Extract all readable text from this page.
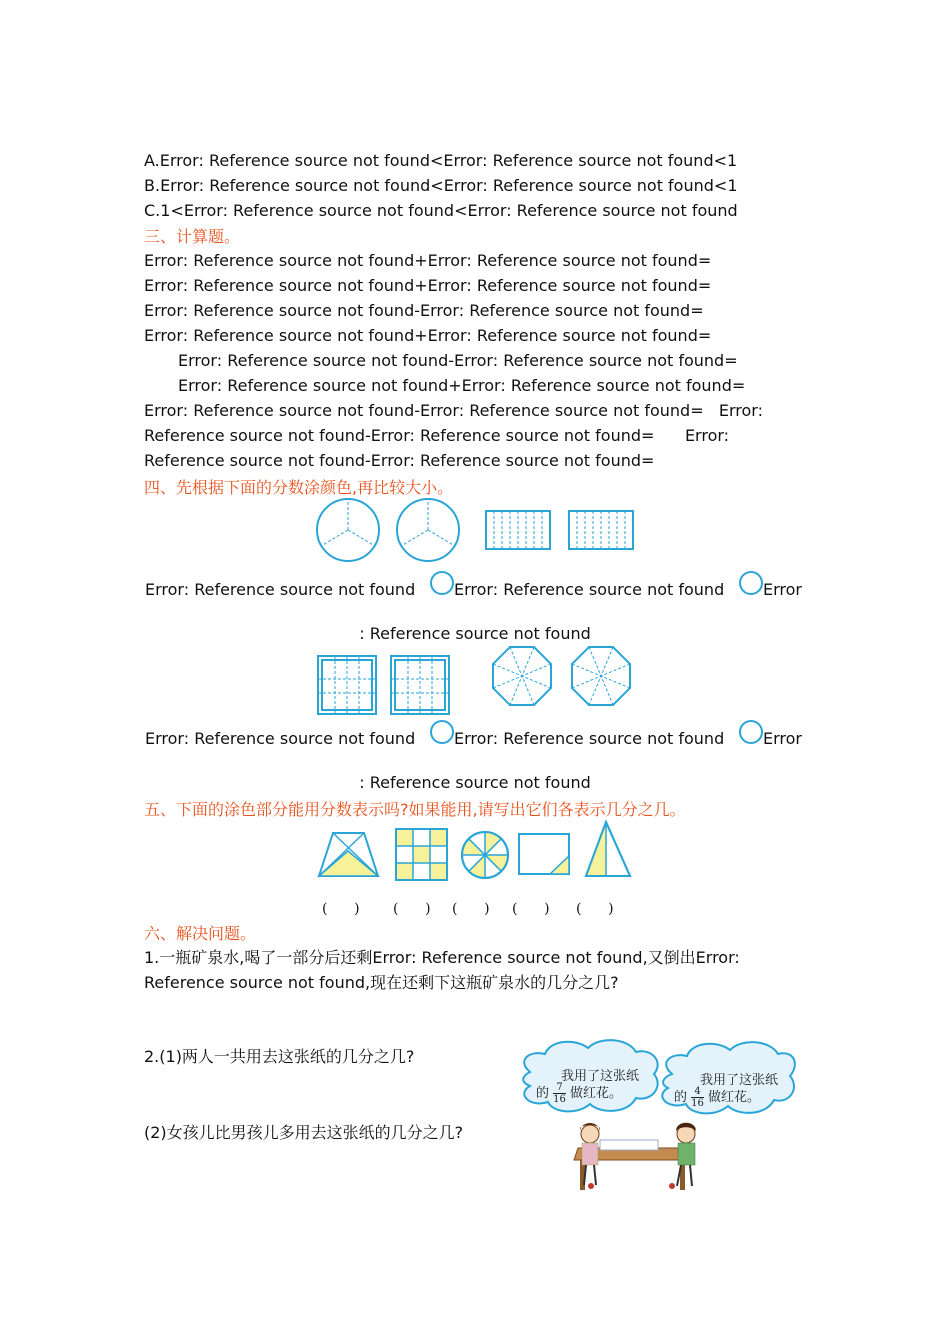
A.Error: Reference source not found<Error: Reference source not found<1
B.Error: Reference source not found<Error: Reference source not found<1
C.1<Error: Reference source not found<Error: Reference source not found
三、计算题。
Error: Reference source not found+Error: Reference source not found=
Error: Reference source not found+Error: Reference source not found=
Error: Reference source not found-Error: Reference source not found=
Error: Reference source not found+Error: Reference source not found=
Error: Reference source not found-Error: Reference source not found=
Error: Reference source not found+Error: Reference source not found=
Error: Reference source not found-Error: Reference source not found=   Error:
Reference source not found-Error: Reference source not found=      Error:
Reference source not found-Error: Reference source not found=
四、先根据下面的分数涂颜色,再比较大小。
Error: Reference source not found Error: Reference source not found Error
: Reference source not found
Error: Reference source not found Error: Reference source not found Error
: Reference source not found
五、下面的涂色部分能用分数表示吗?如果能用,请写出它们各表示几分之几。
(      ) (      ) (      ) (      ) (      )
六、解决问题。
1.一瓶矿泉水,喝了一部分后还剩Error: Reference source not found,又倒出Error:
Reference source not found,现在还剩下这瓶矿泉水的几分之几?
2.(1)两人一共用去这张纸的几分之几?
(2)女孩儿比男孩儿多用去这张纸的几分之几?
我用了这张纸
的 $\frac{7}{16}$ 做红花。
我用了这张纸
的 $\frac{4}{16}$ 做红花。
